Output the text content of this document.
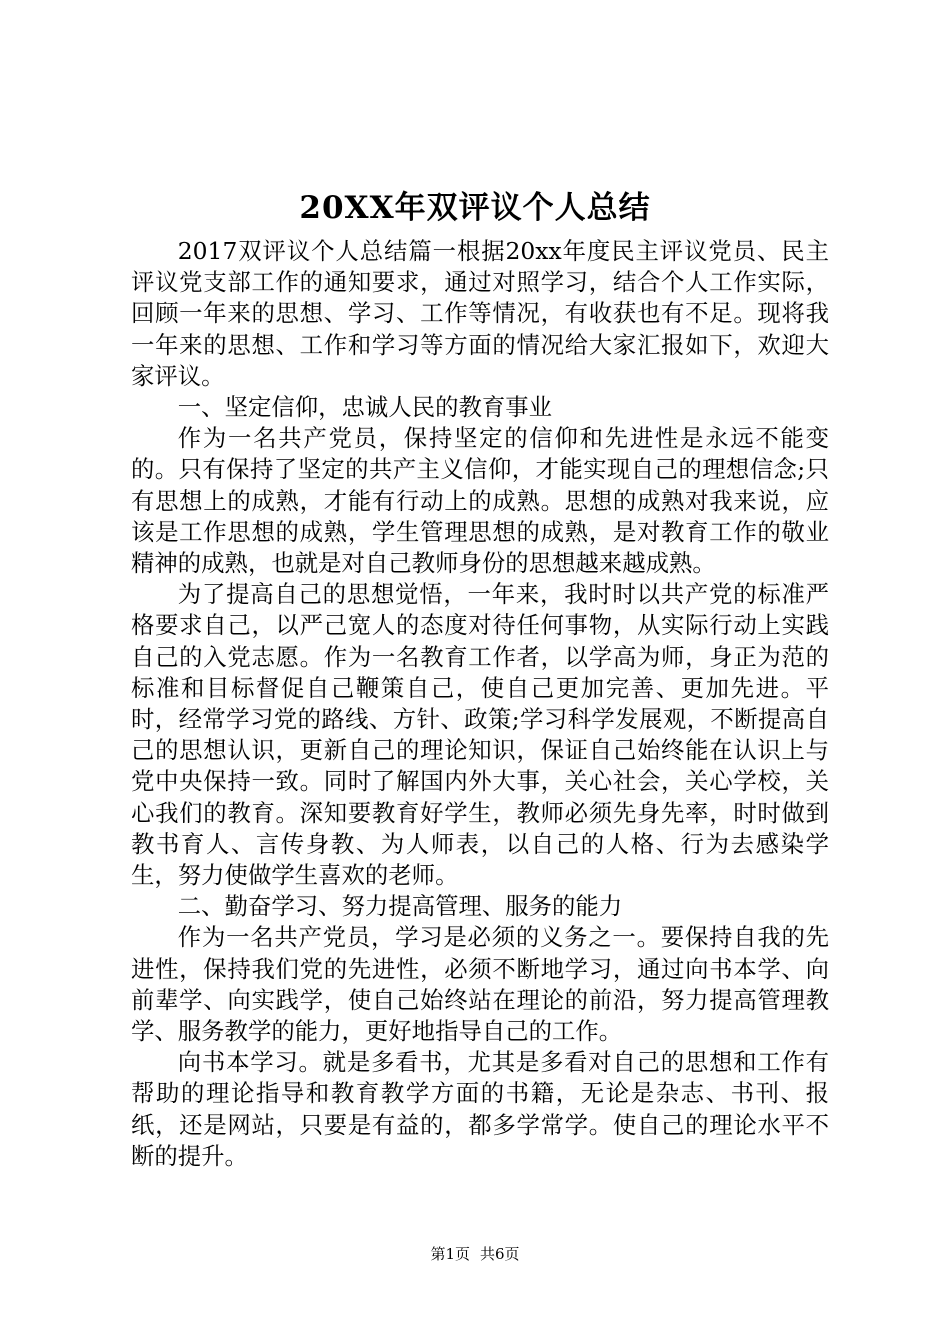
20XX年双评议个人总结

2017双评议个人总结篇一根据20xx年度民主评议党员、民主评议党支部工作的通知要求，通过对照学习，结合个人工作实际，回顾一年来的思想、学习、工作等情况，有收获也有不足。现将我一年来的思想、工作和学习等方面的情况给大家汇报如下，欢迎大家评议。

一、坚定信仰，忠诚人民的教育事业

作为一名共产党员，保持坚定的信仰和先进性是永远不能变的。只有保持了坚定的共产主义信仰，才能实现自己的理想信念;只有思想上的成熟，才能有行动上的成熟。思想的成熟对我来说，应该是工作思想的成熟，学生管理思想的成熟，是对教育工作的敬业精神的成熟，也就是对自己教师身份的思想越来越成熟。

为了提高自己的思想觉悟，一年来，我时时以共产党的标准严格要求自己，以严己宽人的态度对待任何事物，从实际行动上实践自己的入党志愿。作为一名教育工作者，以学高为师，身正为范的标准和目标督促自己鞭策自己，使自己更加完善、更加先进。平时，经常学习党的路线、方针、政策;学习科学发展观，不断提高自己的思想认识，更新自己的理论知识，保证自己始终能在认识上与党中央保持一致。同时了解国内外大事，关心社会，关心学校，关心我们的教育。深知要教育好学生，教师必须先身先率，时时做到教书育人、言传身教、为人师表，以自己的人格、行为去感染学生，努力使做学生喜欢的老师。

二、勤奋学习、努力提高管理、服务的能力

作为一名共产党员，学习是必须的义务之一。要保持自我的先进性，保持我们党的先进性，必须不断地学习，通过向书本学、向前辈学、向实践学，使自己始终站在理论的前沿，努力提高管理教学、服务教学的能力，更好地指导自己的工作。

向书本学习。就是多看书，尤其是多看对自己的思想和工作有帮助的理论指导和教育教学方面的书籍，无论是杂志、书刊、报纸，还是网站，只要是有益的，都多学常学。使自己的理论水平不断的提升。

第1页 共6页
